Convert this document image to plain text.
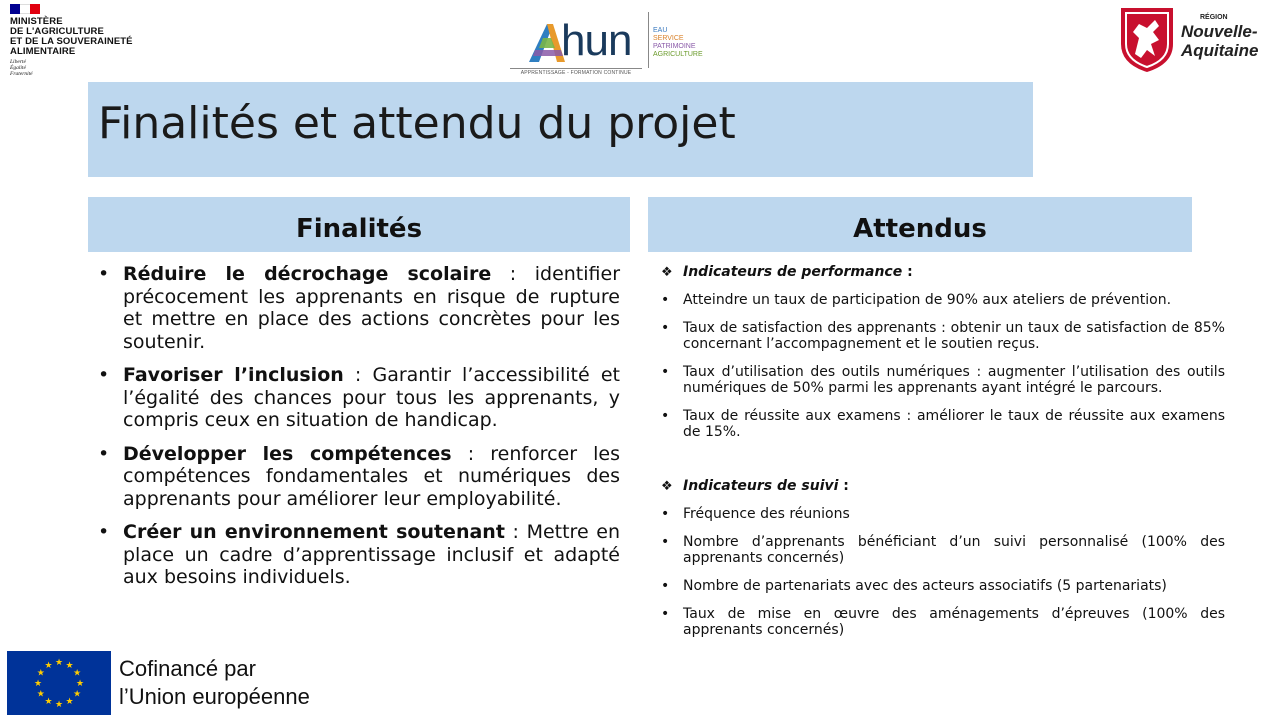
MINISTÈRE
DE L'AGRICULTURE
ET DE LA SOUVERAINETÉ
ALIMENTAIRE
Liberté
Égalité
Fraternité
hun	EAU
SERVICE
PATRIMOINE
AGRICULTURE
APPRENTISSAGE - FORMATION CONTINUE
RÉGION
Nouvelle-
Aquitaine
Finalités et attendu du projet
Finalités	Attendus
• Réduire le décrochage scolaire : identifier précocement les apprenants en risque de rupture et mettre en place des actions concrètes pour les soutenir.
• Favoriser l’inclusion : Garantir l’accessibilité et l’égalité des chances pour tous les apprenants, y compris ceux en situation de handicap.
• Développer les compétences : renforcer les compétences fondamentales et numériques des apprenants pour améliorer leur employabilité.
• Créer un environnement soutenant : Mettre en place un cadre d’apprentissage inclusif et adapté aux besoins individuels.
❖ Indicateurs de performance :
• Atteindre un taux de participation de 90% aux ateliers de prévention.
• Taux de satisfaction des apprenants : obtenir un taux de satisfaction de 85% concernant l’accompagnement et le soutien reçus.
• Taux d’utilisation des outils numériques : augmenter l’utilisation des outils numériques de 50% parmi les apprenants ayant intégré le parcours.
• Taux de réussite aux examens : améliorer le taux de réussite aux examens de 15%.
❖ Indicateurs de suivi :
• Fréquence des réunions
• Nombre d’apprenants bénéficiant d’un suivi personnalisé (100% des apprenants concernés)
• Nombre de partenariats avec des acteurs associatifs (5 partenariats)
• Taux de mise en œuvre des aménagements d’épreuves (100% des apprenants concernés)
★ ★
★
★
★
★
★
★
★
★
★
★	Cofinancé par
l’Union européenne
